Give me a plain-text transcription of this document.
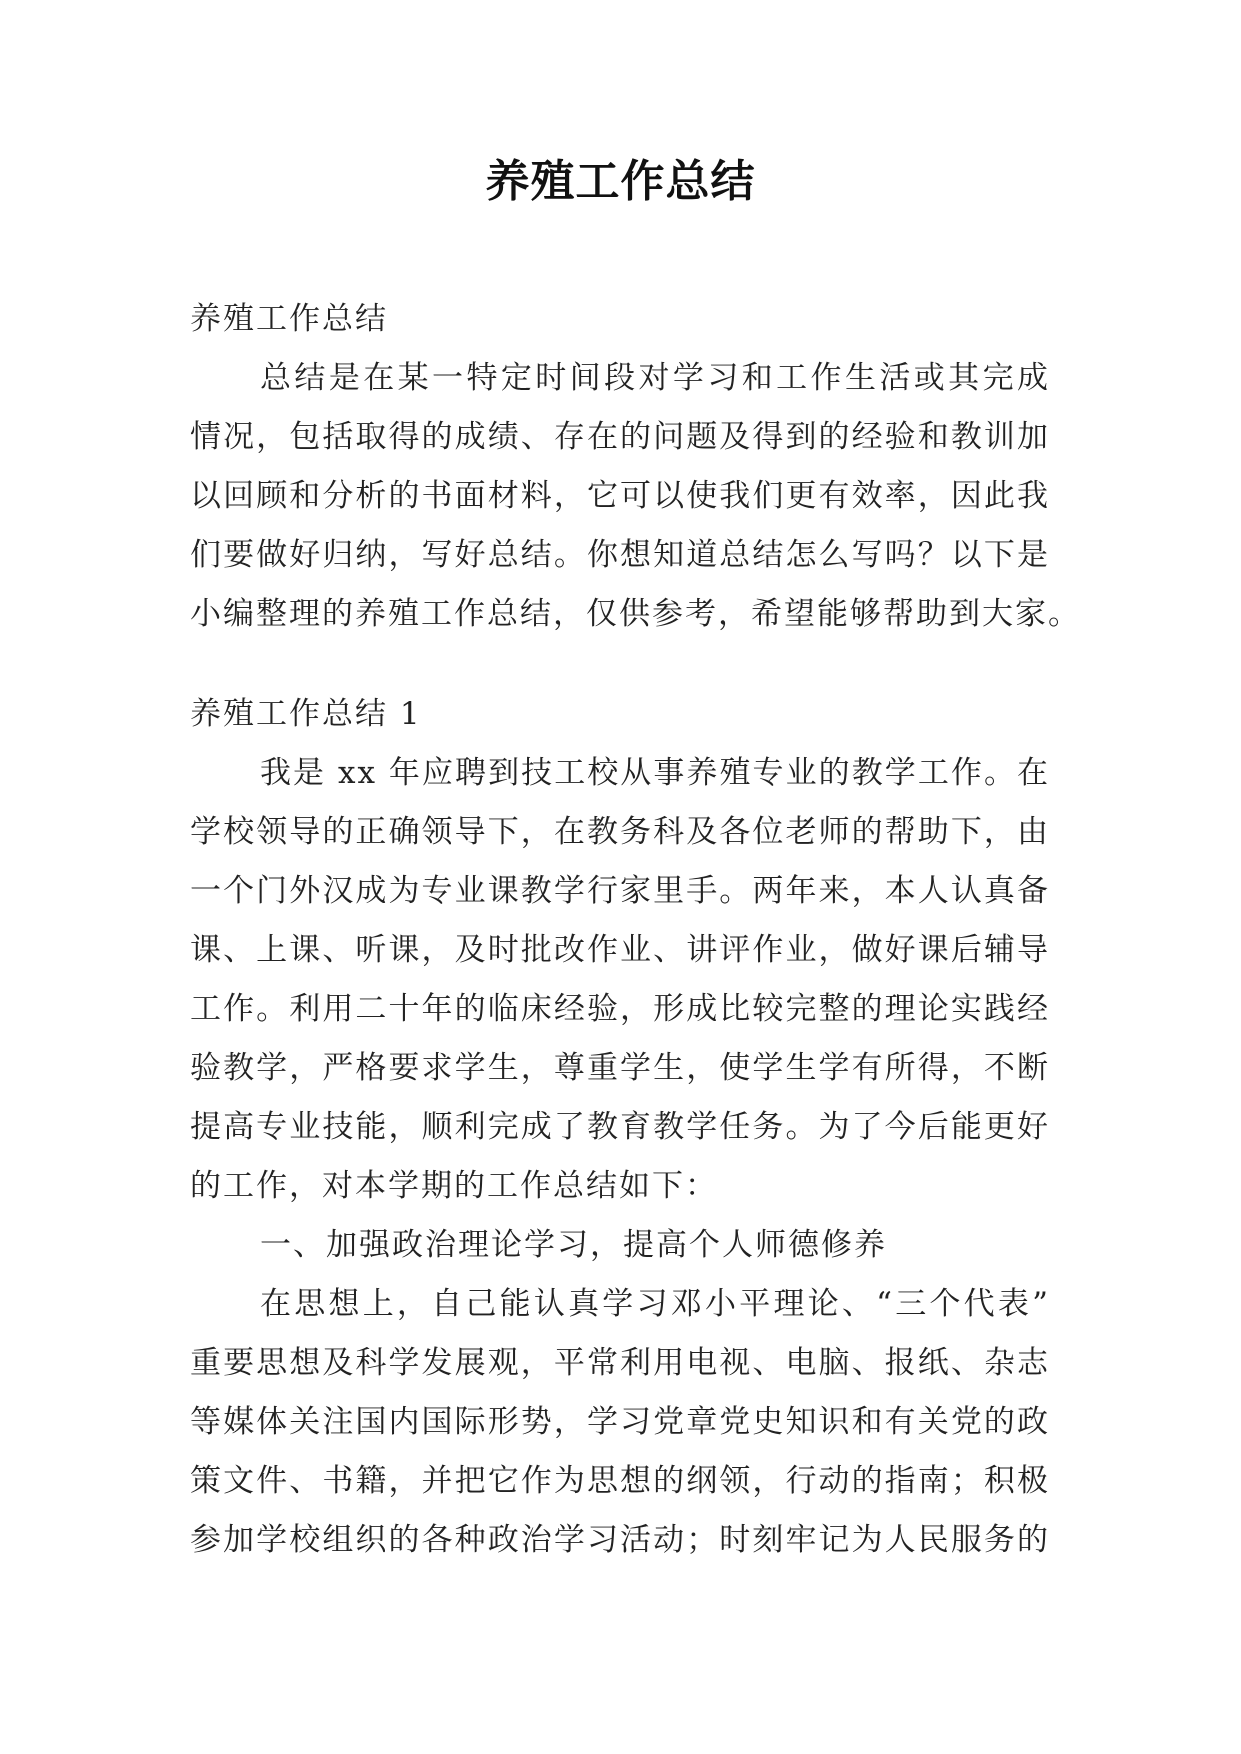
养殖工作总结
养殖工作总结
总结是在某一特定时间段对学习和工作生活或其完成
情况，包括取得的成绩、存在的问题及得到的经验和教训加
以回顾和分析的书面材料，它可以使我们更有效率，因此我
们要做好归纳，写好总结。你想知道总结怎么写吗？以下是
小编整理的养殖工作总结，仅供参考，希望能够帮助到大家。
养殖工作总结 1
我是 xx 年应聘到技工校从事养殖专业的教学工作。在
学校领导的正确领导下，在教务科及各位老师的帮助下，由
一个门外汉成为专业课教学行家里手。两年来，本人认真备
课、上课、听课，及时批改作业、讲评作业，做好课后辅导
工作。利用二十年的临床经验，形成比较完整的理论实践经
验教学，严格要求学生，尊重学生，使学生学有所得，不断
提高专业技能，顺利完成了教育教学任务。为了今后能更好
的工作，对本学期的工作总结如下：
一、加强政治理论学习，提高个人师德修养
在思想上，自己能认真学习邓小平理论、“三个代表”
重要思想及科学发展观，平常利用电视、电脑、报纸、杂志
等媒体关注国内国际形势，学习党章党史知识和有关党的政
策文件、书籍，并把它作为思想的纲领，行动的指南；积极
参加学校组织的各种政治学习活动；时刻牢记为人民服务的
